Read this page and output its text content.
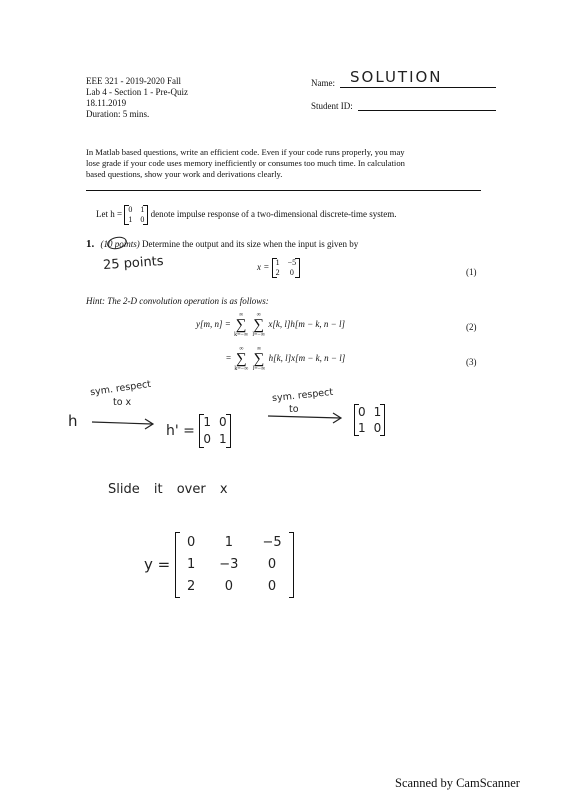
EEE 321 - 2019-2020 Fall
Lab 4 - Section 1 - Pre-Quiz
18.11.2019
Duration: 5 mins.
Name: SOLUTION
Student ID:
In Matlab based questions, write an efficient code. Even if your code runs properly, you may
lose grade if your code uses memory inefficiently or consumes too much time. In calculation
based questions, show your work and derivations clearly.
Let h = 0	1
1	0
denote impulse response of a two-dimensional discrete-time system.
1. (10 points) Determine the output and its size when the input is given by
25 points	x = 1	−5
2	0	(1)
Hint: The 2-D convolution operation is as follows:
y[m, n] =
∞
∑
k=−∞

∞
∑
l=−∞
x[k, l]h[m − k, n − l]	(2)
=
∞
∑
k=−∞

∞
∑
l=−∞
h[k, l]x[m − k, n − l]	(3)
sym. respect
to x
h
h' =
1	0
0	1
sym. respect
to	0	1
1	0
Slide it over x
y =
0	1	−5
1	−3	0
2	0	0
Scanned by CamScanner
